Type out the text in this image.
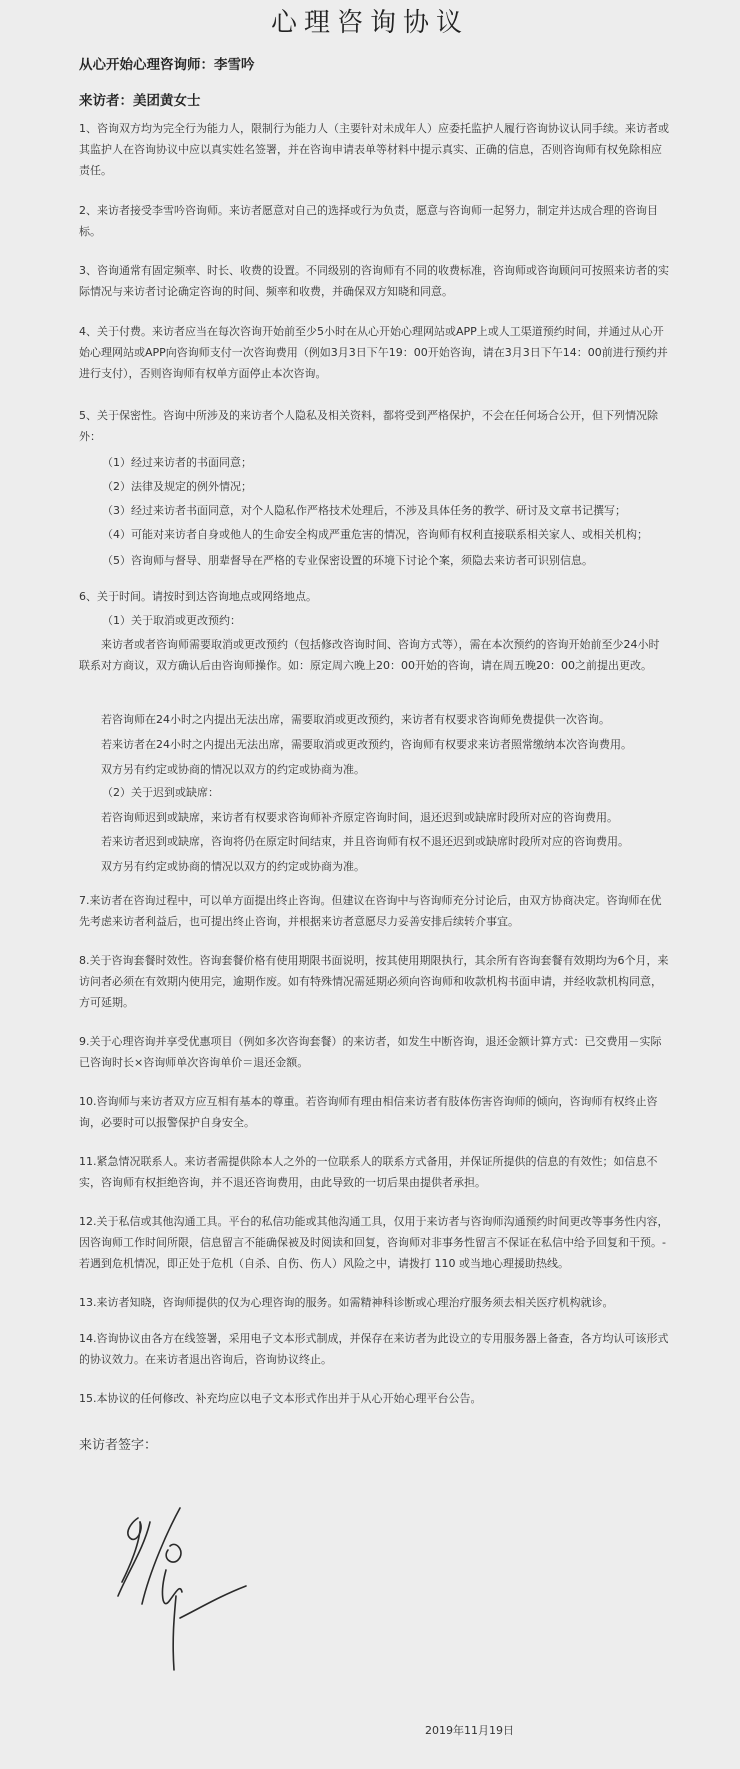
心理咨询协议

从心开始心理咨询师：李雪吟

来访者：美团黄女士

1、咨询双方均为完全行为能力人，限制行为能力人（主要针对未成年人）应委托监护人履行咨询协议认同手续。来访者或其监护人在咨询协议中应以真实姓名签署，并在咨询申请表单等材料中提示真实、正确的信息，否则咨询师有权免除相应责任。

2、来访者接受李雪吟咨询师。来访者愿意对自己的选择或行为负责，愿意与咨询师一起努力，制定并达成合理的咨询目标。

3、咨询通常有固定频率、时长、收费的设置。不同级别的咨询师有不同的收费标准，咨询师或咨询顾问可按照来访者的实际情况与来访者讨论确定咨询的时间、频率和收费，并确保双方知晓和同意。

4、关于付费。来访者应当在每次咨询开始前至少5小时在从心开始心理网站或APP上或人工渠道预约时间，并通过从心开始心理网站或APP向咨询师支付一次咨询费用（例如3月3日下午19：00开始咨询，请在3月3日下午14：00前进行预约并进行支付），否则咨询师有权单方面停止本次咨询。

5、关于保密性。咨询中所涉及的来访者个人隐私及相关资料，都将受到严格保护，不会在任何场合公开，但下列情况除外：

（1）经过来访者的书面同意；

（2）法律及规定的例外情况；

（3）经过来访者书面同意，对个人隐私作严格技术处理后，不涉及具体任务的教学、研讨及文章书记撰写；

（4）可能对来访者自身或他人的生命安全构成严重危害的情况，咨询师有权利直接联系相关家人、或相关机构；

（5）咨询师与督导、朋辈督导在严格的专业保密设置的环境下讨论个案，须隐去来访者可识别信息。

6、关于时间。请按时到达咨询地点或网络地点。

（1）关于取消或更改预约：

来访者或者咨询师需要取消或更改预约（包括修改咨询时间、咨询方式等），需在本次预约的咨询开始前至少24小时联系对方商议，双方确认后由咨询师操作。如：原定周六晚上20：00开始的咨询，请在周五晚20：00之前提出更改。

若咨询师在24小时之内提出无法出席，需要取消或更改预约，来访者有权要求咨询师免费提供一次咨询。

若来访者在24小时之内提出无法出席，需要取消或更改预约，咨询师有权要求来访者照常缴纳本次咨询费用。

双方另有约定或协商的情况以双方的约定或协商为准。

（2）关于迟到或缺席：

若咨询师迟到或缺席，来访者有权要求咨询师补齐原定咨询时间，退还迟到或缺席时段所对应的咨询费用。

若来访者迟到或缺席，咨询将仍在原定时间结束，并且咨询师有权不退还迟到或缺席时段所对应的咨询费用。

双方另有约定或协商的情况以双方的约定或协商为准。

7.来访者在咨询过程中，可以单方面提出终止咨询。但建议在咨询中与咨询师充分讨论后，由双方协商决定。咨询师在优先考虑来访者利益后，也可提出终止咨询，并根据来访者意愿尽力妥善安排后续转介事宜。

8.关于咨询套餐时效性。咨询套餐价格有使用期限书面说明，按其使用期限执行，其余所有咨询套餐有效期均为6个月，来访问者必须在有效期内使用完，逾期作废。如有特殊情况需延期必须向咨询师和收款机构书面申请，并经收款机构同意，方可延期。

9.关于心理咨询并享受优惠项目（例如多次咨询套餐）的来访者，如发生中断咨询，退还金额计算方式：已交费用－实际已咨询时长×咨询师单次咨询单价＝退还金额。

10.咨询师与来访者双方应互相有基本的尊重。若咨询师有理由相信来访者有肢体伤害咨询师的倾向，咨询师有权终止咨询，必要时可以报警保护自身安全。

11.紧急情况联系人。来访者需提供除本人之外的一位联系人的联系方式备用，并保证所提供的信息的有效性；如信息不实，咨询师有权拒绝咨询，并不退还咨询费用，由此导致的一切后果由提供者承担。

12.关于私信或其他沟通工具。平台的私信功能或其他沟通工具，仅用于来访者与咨询师沟通预约时间更改等事务性内容，因咨询师工作时间所限，信息留言不能确保被及时阅读和回复，咨询师对非事务性留言不保证在私信中给予回复和干预。- 若遇到危机情况，即正处于危机（自杀、自伤、伤人）风险之中，请拨打 110 或当地心理援助热线。

13.来访者知晓，咨询师提供的仅为心理咨询的服务。如需精神科诊断或心理治疗服务须去相关医疗机构就诊。

14.咨询协议由各方在线签署，采用电子文本形式制成，并保存在来访者为此设立的专用服务器上备查，各方均认可该形式的协议效力。在来访者退出咨询后，咨询协议终止。

15.本协议的任何修改、补充均应以电子文本形式作出并于从心开始心理平台公告。

来访者签字：

2019年11月19日
